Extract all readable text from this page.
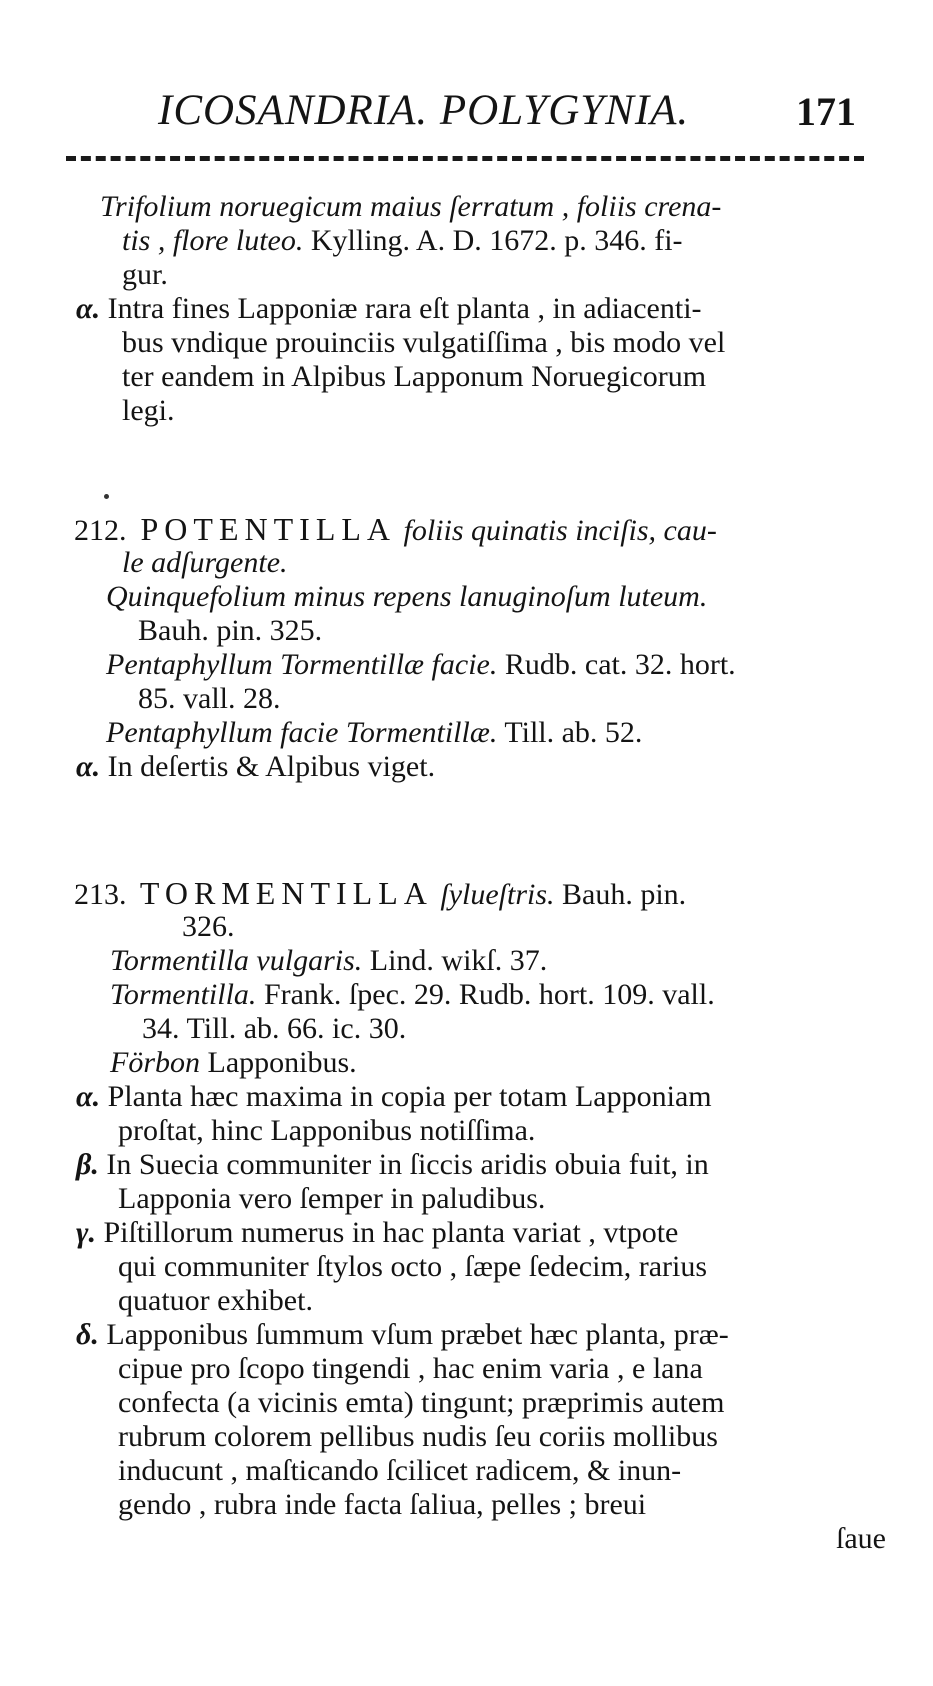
ICOSANDRIA. POLYGYNIA.	171
Trifolium noruegicum maius ſerratum , foliis crena-
tis , flore luteo. Kylling. A. D. 1672. p. 346. fi-
gur.
α. Intra fines Lapponiæ rara eſt planta , in adiacenti-
bus vndique prouinciis vulgatiſſima , bis modo vel
ter eandem in Alpibus Lapponum Noruegicorum
legi.
212. POTENTILLA foliis quinatis inciſis, cau-
le adſurgente.
Quinquefolium minus repens lanuginoſum luteum.
Bauh. pin. 325.
Pentaphyllum Tormentillæ facie. Rudb. cat. 32. hort.
85. vall. 28.
Pentaphyllum facie Tormentillæ. Till. ab. 52.
α. In deſertis & Alpibus viget.
213. TORMENTILLA ſylueſtris. Bauh. pin.
326.
Tormentilla vulgaris. Lind. wikſ. 37.
Tormentilla. Frank. ſpec. 29. Rudb. hort. 109. vall.
34. Till. ab. 66. ic. 30.
Förbon Lapponibus.
α. Planta hæc maxima in copia per totam Lapponiam
proſtat, hinc Lapponibus notiſſima.
β. In Suecia communiter in ſiccis aridis obuia fuit, in
Lapponia vero ſemper in paludibus.
γ. Piſtillorum numerus in hac planta variat , vtpote
qui communiter ſtylos octo , ſæpe ſedecim, rarius
quatuor exhibet.
δ. Lapponibus ſummum vſum præbet hæc planta, præ-
cipue pro ſcopo tingendi , hac enim varia , e lana
confecta (a vicinis emta) tingunt; præprimis autem
rubrum colorem pellibus nudis ſeu coriis mollibus
inducunt , maſticando ſcilicet radicem, & inun-
gendo , rubra inde facta ſaliua, pelles ; breui
ſaue
